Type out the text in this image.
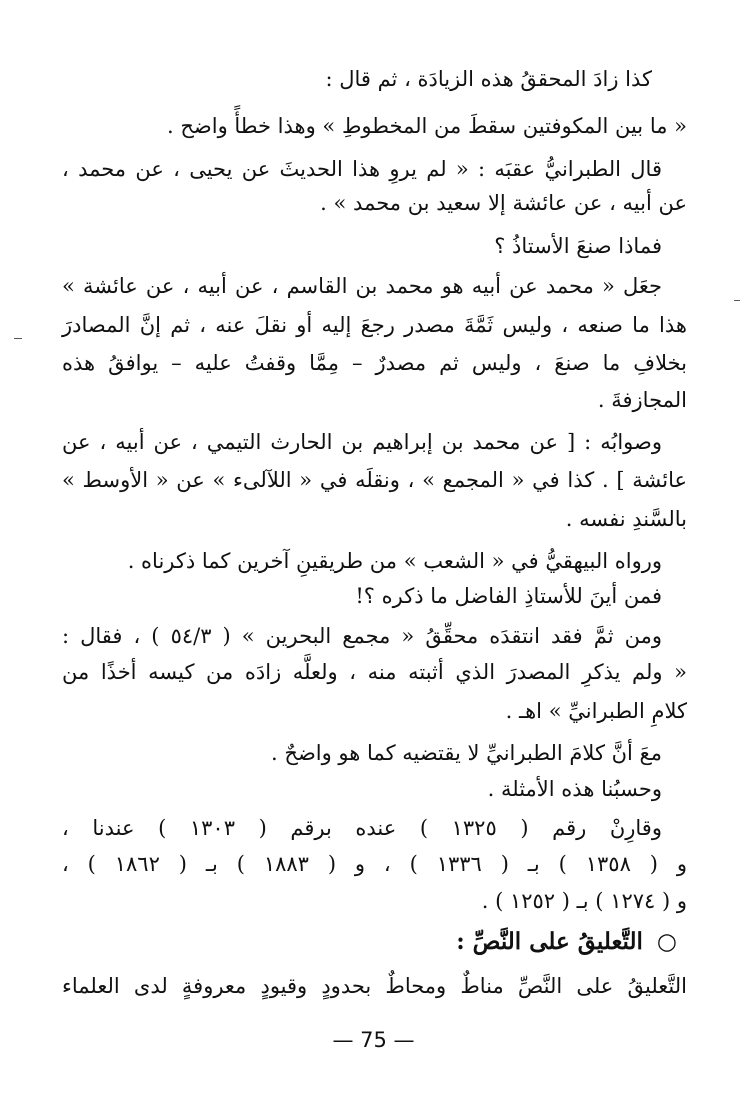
كذا زادَ المحققُ هذه الزيادَة ، ثم قال :
« ما بين المكوفتين سقطَ من المخطوطِ » وهذا خطأً واضح .
قال الطبرانيُّ عقبَه : « لم يروِ هذا الحديثَ عن يحيى ، عن محمد ،
عن أبيه ، عن عائشة إلا سعيد بن محمد » .
فماذا صنعَ الأستاذُ ؟
جعَل « محمد عن أبيه هو محمد بن القاسم ، عن أبيه ، عن عائشة »
هذا ما صنعه ، وليس ثَمَّةَ مصدر رجعَ إليه أو نقلَ عنه ، ثم إنَّ المصادرَ
بخلافِ ما صنعَ ، وليس ثم مصدرٌ – مِمَّا وقفتُ عليه – يوافقُ هذه
المجازفةَ .
وصوابُه : [ عن محمد بن إبراهيم بن الحارث التيمي ، عن أبيه ، عن
عائشة ] . كذا في « المجمع » ، ونقلَه في « اللآلىء » عن « الأوسط »
بالسَّندِ نفسه .
ورواه البيهقيُّ في « الشعب » من طريقينِ آخرين كما ذكرناه .
فمن أينَ للأستاذِ الفاضل ما ذكره ؟!
ومن ثمَّ فقد انتقدَه محقِّقُ « مجمع البحرين » ( ٥٤/٣ ) ، فقال :
« ولم يذكرِ المصدرَ الذي أثبته منه ، ولعلَّه زادَه من كيسه أخذًا من
كلامِ الطبرانيِّ » اهـ .
معَ أنَّ كلامَ الطبرانيِّ لا يقتضيه كما هو واضحٌ .
وحسبُنا هذه الأمثلة .
وقارِنْ رقم ( ١٣٢٥ ) عنده برقم ( ١٣٠٣ ) عندنا ،
و ( ١٣٥٨ ) بـ ( ١٣٣٦ ) ، و ( ١٨٨٣ ) بـ ( ١٨٦٢ ) ،
و ( ١٢٧٤ ) بـ ( ١٢٥٢ ) .
○ التَّعليقُ على النَّصِّ :
التَّعليقُ على النَّصِّ مناطٌ ومحاطٌ بحدودٍ وقيودٍ معروفةٍ لدى العلماء
— 75 —
